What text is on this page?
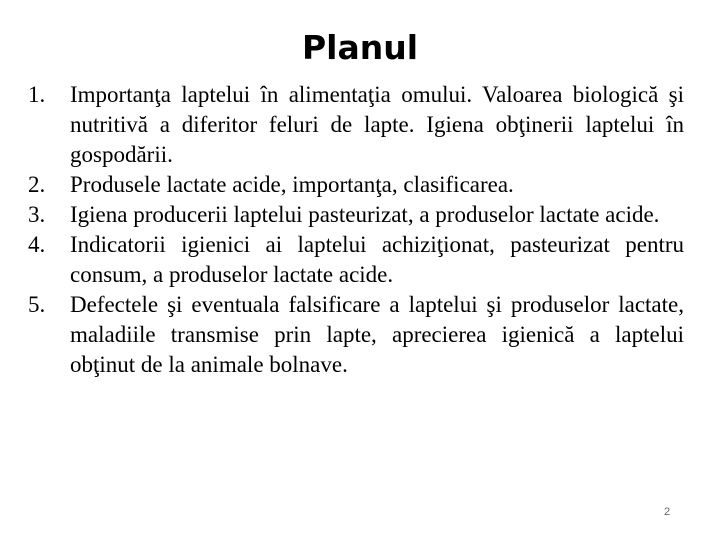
Planul
1.	Importanţa laptelui în alimentaţia omului. Valoarea biologică şi nutritivă a diferitor feluri de lapte. Igiena obţinerii laptelui în gospodării.
2.	Produsele lactate acide, importanţa, clasificarea.
3.	Igiena producerii laptelui pasteurizat, a produselor lactate acide.
4.	Indicatorii igienici ai laptelui achiziţionat, pasteurizat pentru consum, a produselor lactate acide.
5.	Defectele şi eventuala falsificare a laptelui şi produselor lactate, maladiile transmise prin lapte, aprecierea igienică a laptelui obţinut de la animale bolnave.
2
